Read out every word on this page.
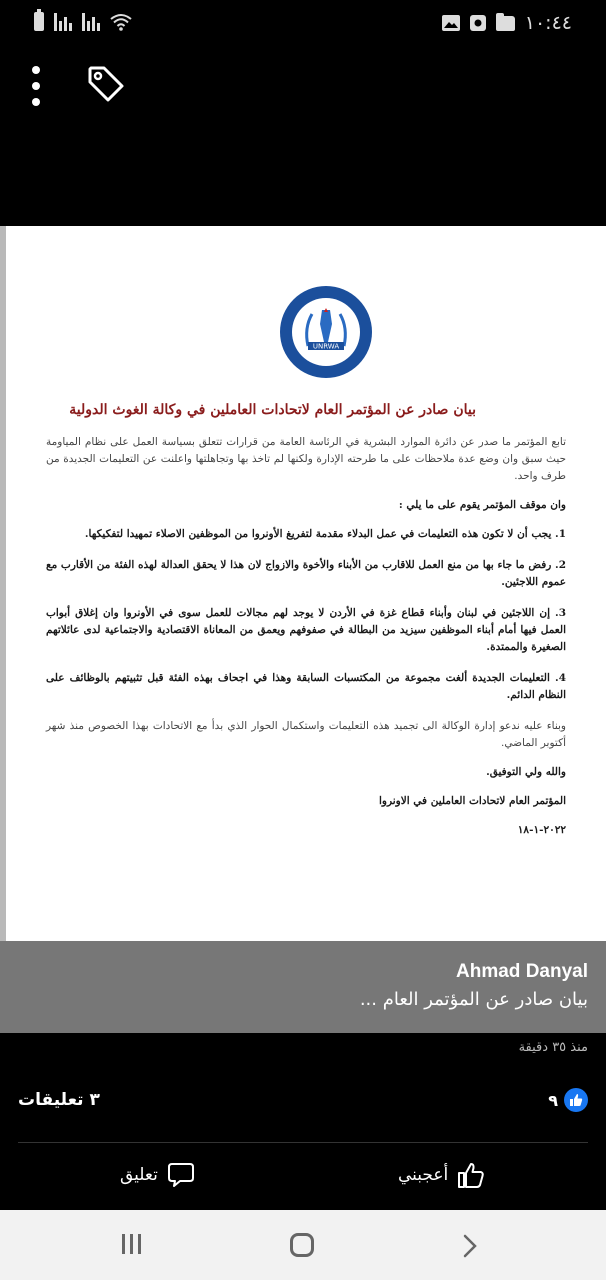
١٠:٤٤
UNRWA
بيان صادر عن المؤتمر العام لاتحادات العاملين في وكالة الغوث الدولية

تابع المؤتمر ما صدر عن دائرة الموارد البشرية في الرئاسة العامة من قرارات تتعلق بسياسة العمل على نظام المياومة حيث سبق وان وضع عدة ملاحظات على ما طرحته الإدارة ولكنها لم تاخذ بها وتجاهلتها واعلنت عن التعليمات الجديدة من طرف واحد.

وان موقف المؤتمر يقوم على ما يلي :

1. يجب أن لا تكون هذه التعليمات في عمل البدلاء مقدمة لتفريغ الأونروا من الموظفين الاصلاء تمهيدا لتفكيكها.

2. رفض ما جاء بها من منع العمل للاقارب من الأبناء والأخوة والازواج لان هذا لا يحقق العدالة لهذه الفئة من الأقارب مع عموم اللاجئين.

3. إن اللاجئين في لبنان وأبناء قطاع غزة في الأردن لا يوجد لهم مجالات للعمل سوى في الأونروا وان إغلاق أبواب العمل فيها أمام أبناء الموظفين سيزيد من البطالة في صفوفهم ويعمق من المعاناة الاقتصادية والاجتماعية لدى عائلاتهم الصغيرة والممتدة.

4. التعليمات الجديدة ألغت مجموعة من المكتسبات السابقة وهذا في اجحاف بهذه الفئة قبل تثبيتهم بالوظائف على النظام الدائم.

وبناء عليه ندعو إدارة الوكالة الى تجميد هذه التعليمات واستكمال الحوار الذي بدأ مع الاتحادات بهذا الخصوص منذ شهر أكتوبر الماضي.

والله ولي التوفيق.

المؤتمر العام لاتحادات العاملين في الاونروا

٢٠٢٢-١-١٨

Ahmad Danyal
بيان صادر عن المؤتمر العام ...
منذ ٣٥ دقيقة
٣ تعليقات	٩
أعجبني
تعليق
